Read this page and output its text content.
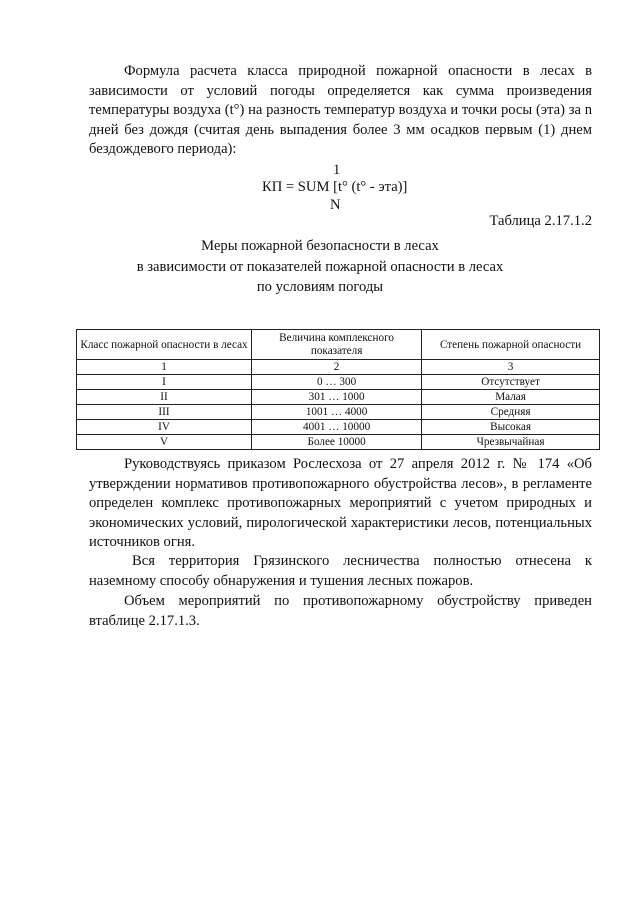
Формула расчета класса природной пожарной опасности в лесах в зависимости от условий погоды определяется как сумма произведения температуры воздуха (t°) на разность температур воздуха и точки росы (эта) за n дней без дождя (считая день выпадения более 3 мм осадков первым (1) днем бездождевого периода):

1
КП = SUM [t° (t° - эта)]
N
Таблица 2.17.1.2
Меры пожарной безопасности в лесах
в зависимости от показателей пожарной опасности в лесах
по условиям погоды
Класс пожарной опасности в лесах	Величина комплексного показателя	Степень пожарной опасности
1	2	3
I	0 … 300	Отсутствует
II	301 … 1000	Малая
III	1001 … 4000	Средняя
IV	4001 … 10000	Высокая
V	Более 10000	Чрезвычайная

Руководствуясь приказом Рослесхоза от 27 апреля 2012 г. № 174 «Об утверждении нормативов противопожарного обустройства лесов», в регламенте определен комплекс противопожарных мероприятий с учетом природных и экономических условий, пирологической характеристики лесов, потенциальных источников огня.

Вся территория Грязинского лесничества полностью отнесена к наземному способу обнаружения и тушения лесных пожаров.

Объем мероприятий по противопожарному обустройству приведен втаблице 2.17.1.3.
